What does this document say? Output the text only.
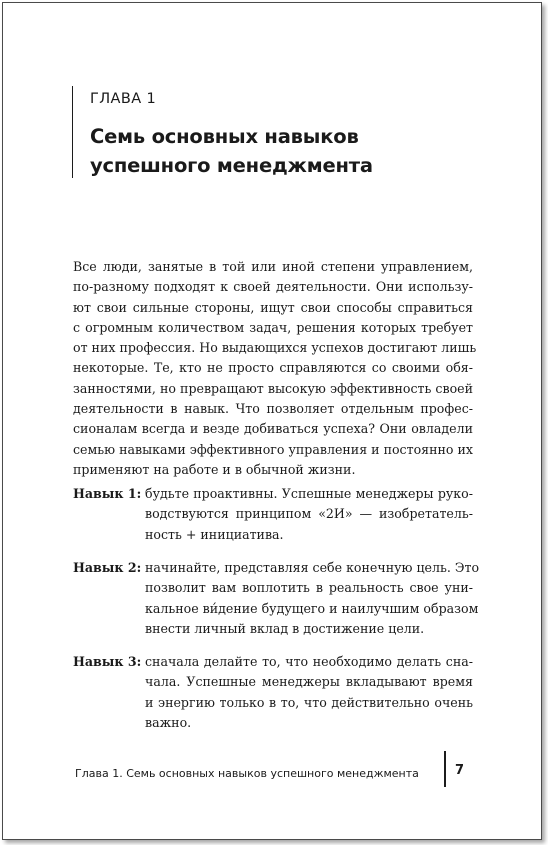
ГЛАВА 1
Семь основных навыков
успешного менеджмента
Все люди, занятые в той или иной степени управлением,
по-разному подходят к своей деятельности. Они использу-
ют свои сильные стороны, ищут свои способы справиться
с огромным количеством задач, решения которых требует
от них профессия. Но выдающихся успехов достигают лишь
некоторые. Те, кто не просто справляются со своими обя-
занностями, но превращают высокую эффективность своей
деятельности в навык. Что позволяет отдельным профес-
сионалам всегда и везде добиваться успеха? Они овладели
семью навыками эффективного управления и постоянно их
применяют на работе и в обычной жизни.
Навык 1: будьте проактивны. Успешные менеджеры руко-
водствуются принципом «2И» — изобретатель-
ность + инициатива.
Навык 2: начинайте, представляя себе конечную цель. Это
позволит вам воплотить в реальность свое уни-
кальное ви́дение будущего и наилучшим образом
внести личный вклад в достижение цели.
Навык 3: сначала делайте то, что необходимо делать сна-
чала. Успешные менеджеры вкладывают время
и энергию только в то, что действительно очень
важно.
Глава 1. Семь основных навыков успешного менеджмента	7
